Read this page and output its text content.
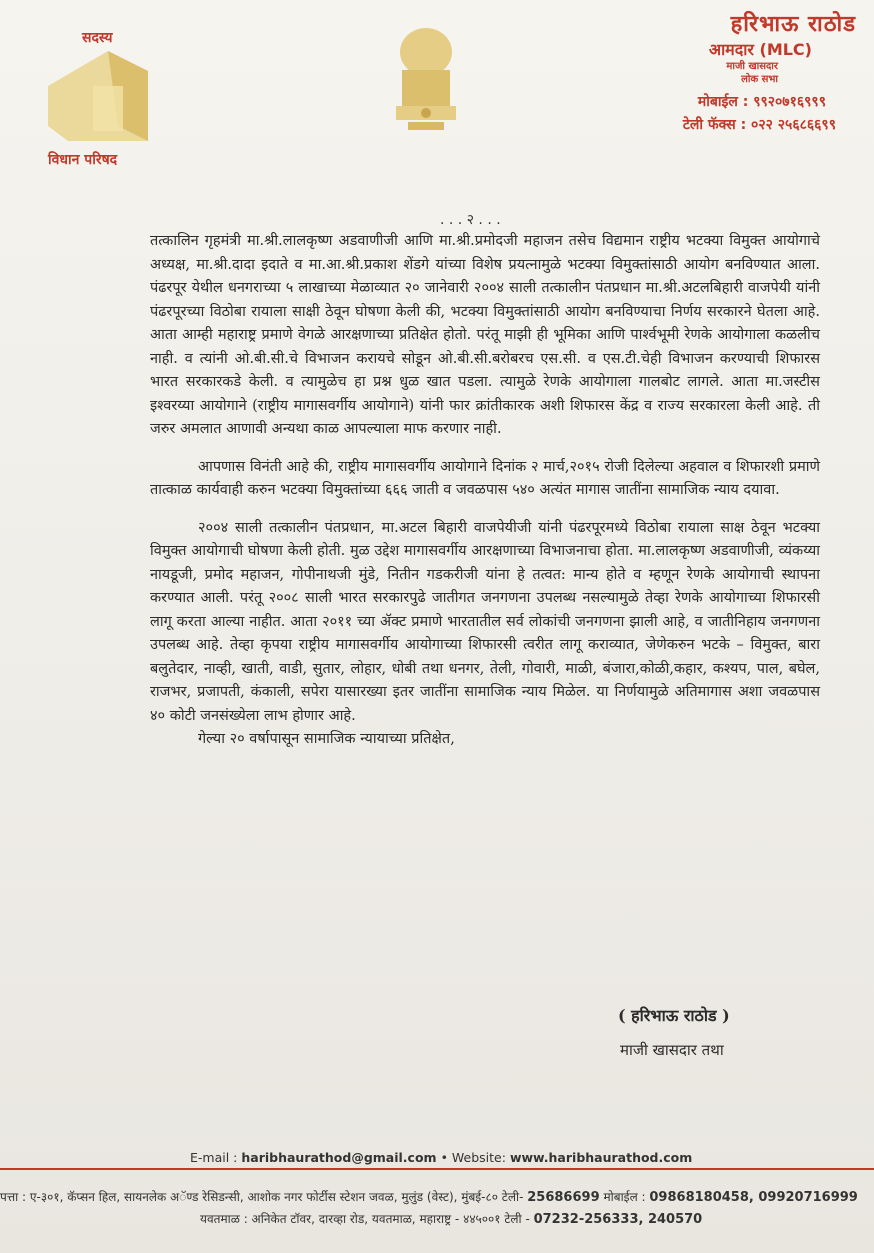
सदस्य
विधान परिषद
हरिभाऊ राठोड
आमदार (MLC)
माजी खासदार
लोक सभा
मोबाईल : ९९२०७१६९९९
टेली फॅक्स : ०२२ २५६८६६९९
. . . २ . . .

तत्कालिन गृहमंत्री मा.श्री.लालकृष्ण अडवाणीजी आणि मा.श्री.प्रमोदजी महाजन तसेच विद्यमान राष्ट्रीय भटक्या विमुक्त आयोगाचे अध्यक्ष, मा.श्री.दादा इदाते व मा.आ.श्री.प्रकाश शेंडगे यांच्या विशेष प्रयत्नामुळे भटक्या विमुक्तांसाठी आयोग बनविण्यात आला. पंढरपूर येथील धनगराच्या ५ लाखाच्या मेळाव्यात २० जानेवारी २००४ साली तत्कालीन पंतप्रधान मा.श्री.अटलबिहारी वाजपेयी यांनी पंढरपूरच्या विठोबा रायाला साक्षी ठेवून घोषणा केली की, भटक्या विमुक्तांसाठी आयोग बनविण्याचा निर्णय सरकारने घेतला आहे. आता आम्ही महाराष्ट्र प्रमाणे वेगळे आरक्षणाच्या प्रतिक्षेत होतो. परंतू माझी ही भूमिका आणि पार्श्वभूमी रेणके आयोगाला कळलीच नाही. व त्यांनी ओ.बी.सी.चे विभाजन करायचे सोडून ओ.बी.सी.बरोबरच एस.सी. व एस.टी.चेही विभाजन करण्याची शिफारस भारत सरकारकडे केली. व त्यामुळेच हा प्रश्न धुळ खात पडला. त्यामुळे रेणके आयोगाला गालबोट लागले. आता मा.जस्टीस इश्वरय्या आयोगाने (राष्ट्रीय मागासवर्गीय आयोगाने) यांनी फार क्रांतीकारक अशी शिफारस केंद्र व राज्य सरकारला केली आहे. ती जरुर अमलात आणावी अन्यथा काळ आपल्याला माफ करणार नाही.

आपणास विनंती आहे की, राष्ट्रीय मागासवर्गीय आयोगाने दिनांक २ मार्च,२०१५ रोजी दिलेल्या अहवाल व शिफारशी प्रमाणे तात्काळ कार्यवाही करुन भटक्या विमुक्तांच्या ६६६ जाती व जवळपास ५४० अत्यंत मागास जातींना सामाजिक न्याय दयावा.

२००४ साली तत्कालीन पंतप्रधान, मा.अटल बिहारी वाजपेयीजी यांनी पंढरपूरमध्ये विठोबा रायाला साक्ष ठेवून भटक्या विमुक्त आयोगाची घोषणा केली होती. मुळ उद्देश मागासवर्गीय आरक्षणाच्या विभाजनाचा होता. मा.लालकृष्ण अडवाणीजी, व्यंकय्या नायडूजी, प्रमोद महाजन, गोपीनाथजी मुंडे, नितीन गडकरीजी यांना हे तत्वत: मान्य होते व म्हणून रेणके आयोगाची स्थापना करण्यात आली. परंतू २००८ साली भारत सरकारपुढे जातीगत जनगणना उपलब्ध नसल्यामुळे तेव्हा रेणके आयोगाच्या शिफारसी लागू करता आल्या नाहीत. आता २०११ च्या ॲक्ट प्रमाणे भारतातील सर्व लोकांची जनगणना झाली आहे, व जातीनिहाय जनगणना उपलब्ध आहे. तेव्हा कृपया राष्ट्रीय मागासवर्गीय आयोगाच्या शिफारसी त्वरीत लागू कराव्यात, जेणेकरुन भटके – विमुक्त, बारा बलुतेदार, नाव्ही, खाती, वाडी, सुतार, लोहार, धोबी तथा धनगर, तेली, गोवारी, माळी, बंजारा,कोळी,कहार, कश्यप, पाल, बघेल, राजभर, प्रजापती, कंकाली, सपेरा यासारख्या इतर जातींना सामाजिक न्याय मिळेल. या निर्णयामुळे अतिमागास अशा जवळपास ४० कोटी जनसंख्येला लाभ होणार आहे.

गेल्या २० वर्षापासून सामाजिक न्यायाच्या प्रतिक्षेत,

( हरिभाऊ राठोड )
माजी खासदार तथा
E-mail : haribhaurathod@gmail.com • Website: www.haribhaurathod.com
पत्ता : ए-३०१, कॅप्सन हिल, सायनलेक अॅण्ड रेसिडन्सी, आशोक नगर फोर्टीस स्टेशन जवळ, मुलुंड (वेस्ट), मुंबई-८० टेली- 25686699 मोबाईल : 09868180458, 09920716999
यवतमाळ : अनिकेत टॉवर, दारव्हा रोड, यवतमाळ, महाराष्ट्र - ४४५००१ टेली - 07232-256333, 240570
